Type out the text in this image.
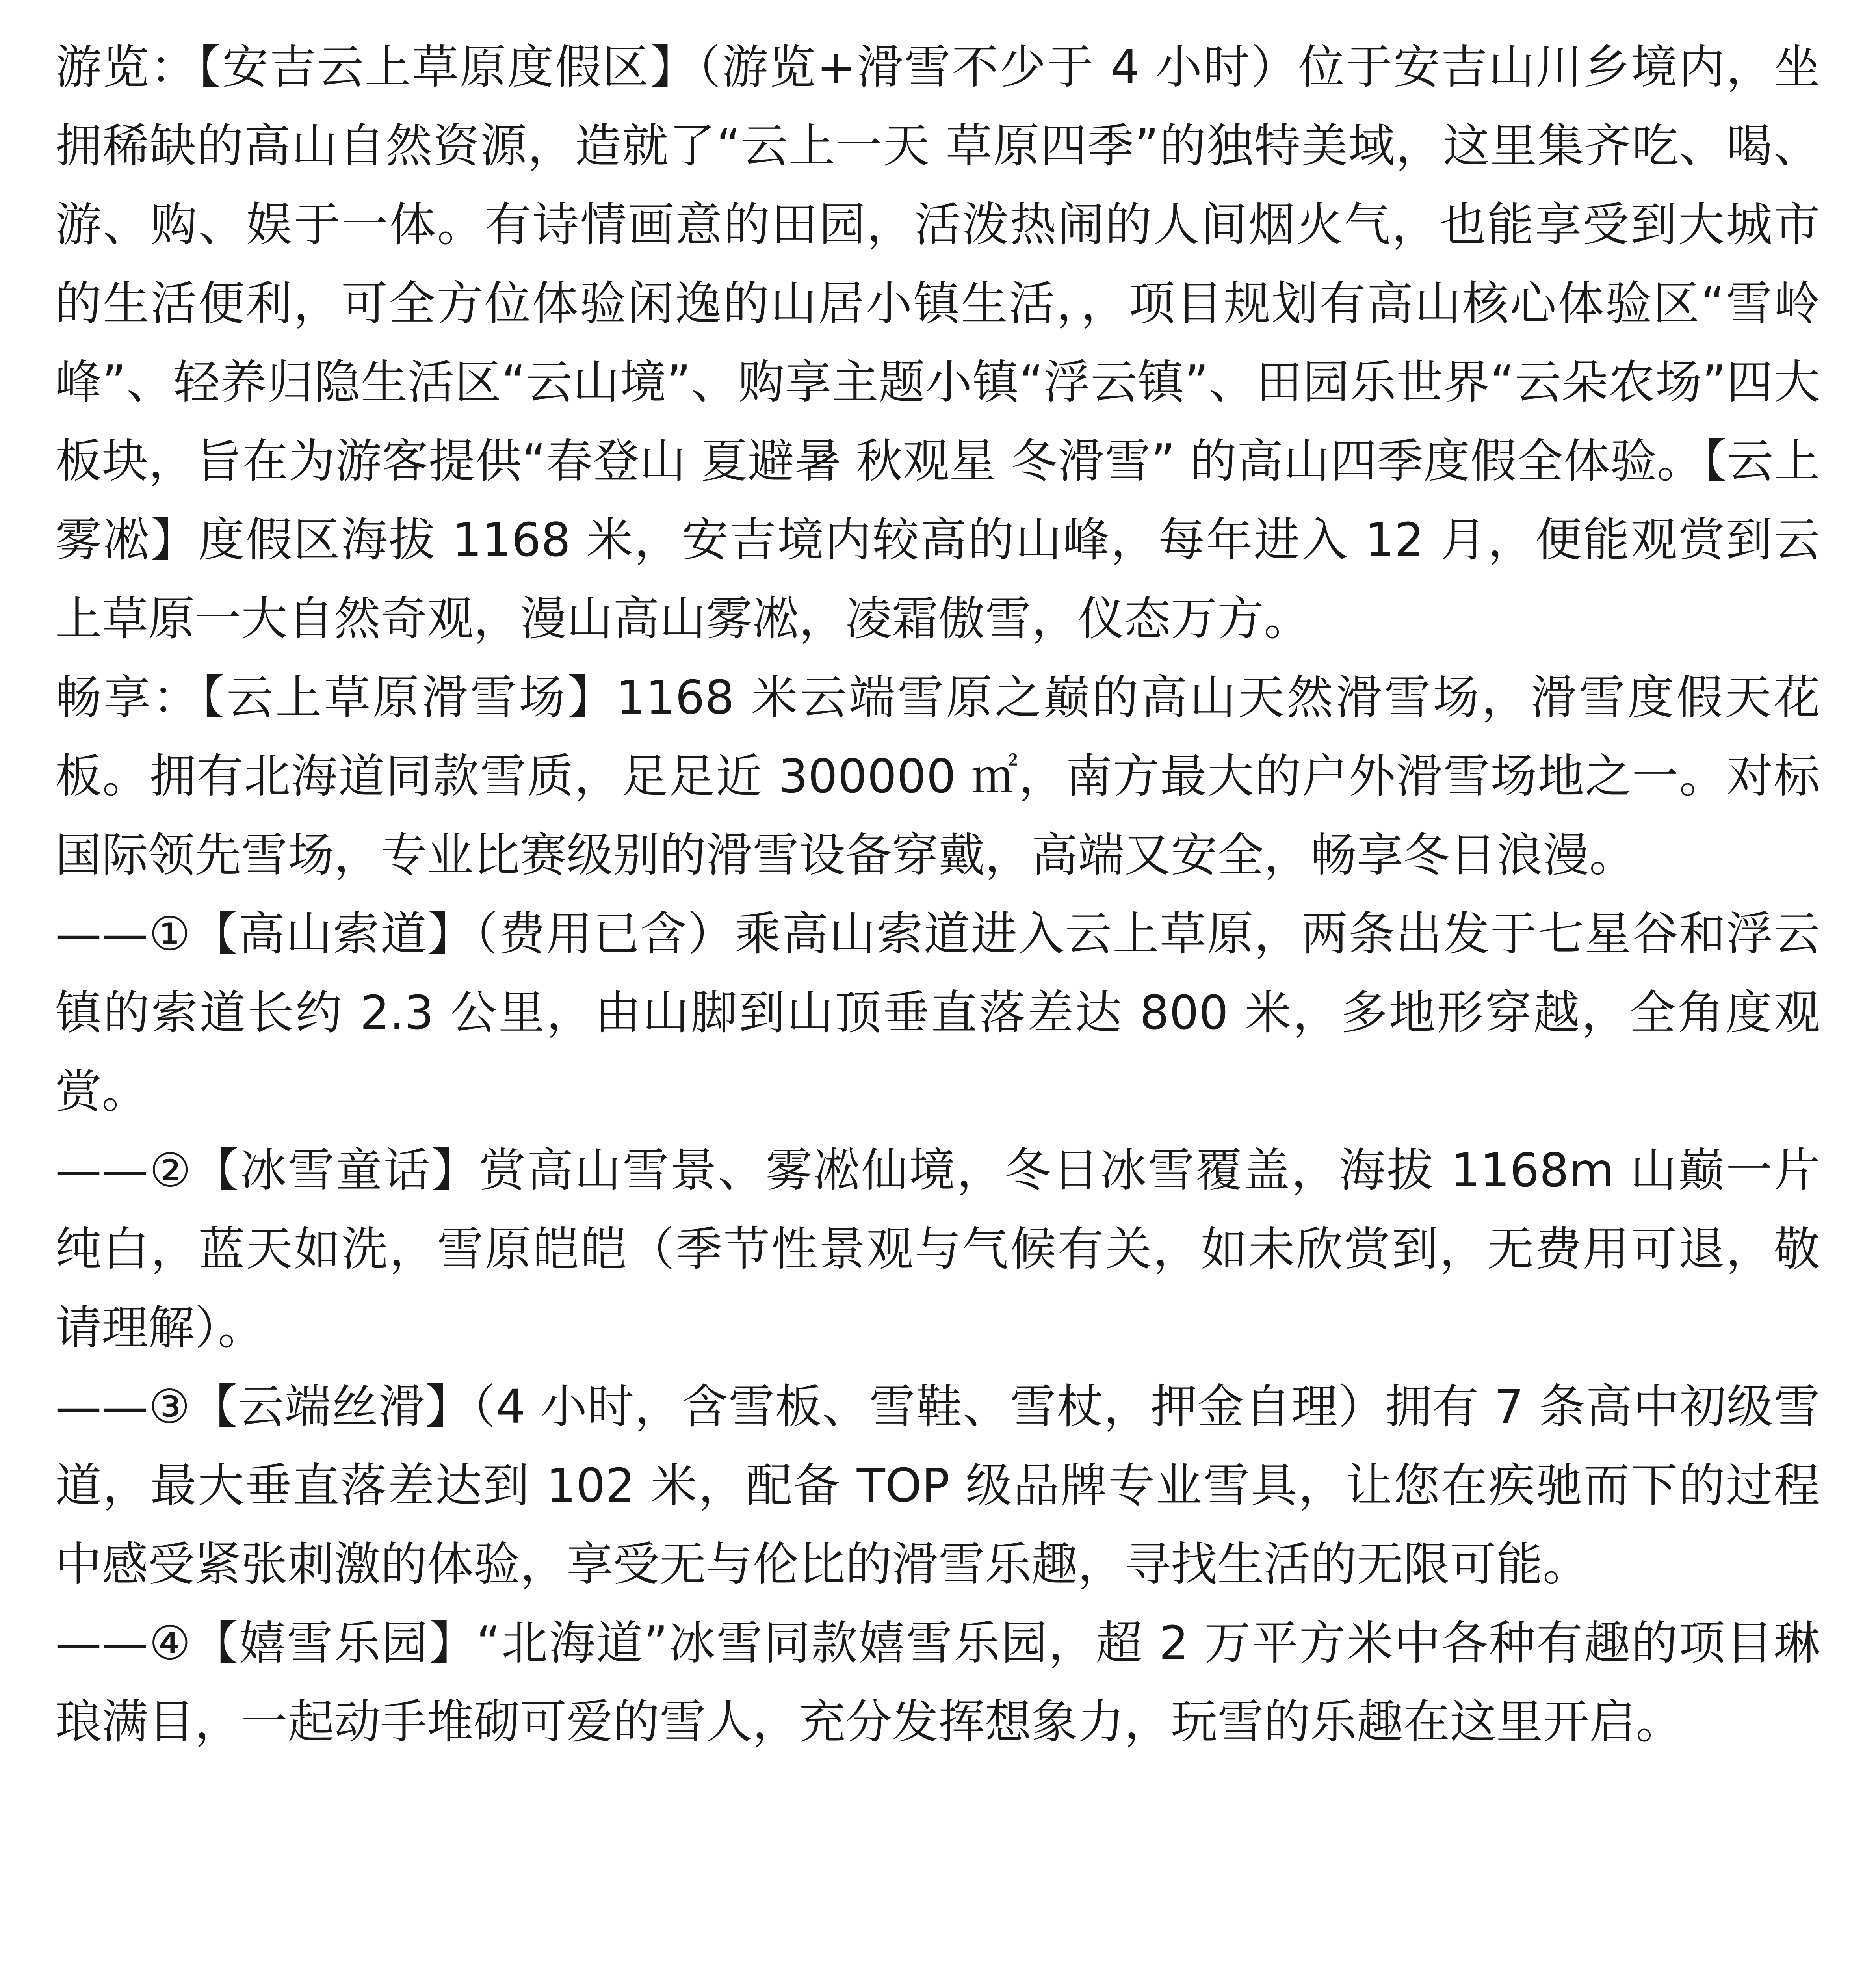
游览：【安吉云上草原度假区】（游览+滑雪不少于 4 小时）位于安吉山川乡境内，坐拥稀缺的高山自然资源，造就了“云上一天 草原四季”的独特美域，这里集齐吃、喝、游、购、娱于一体。有诗情画意的田园，活泼热闹的人间烟火气，也能享受到大城市的生活便利，可全方位体验闲逸的山居小镇生活，，项目规划有高山核心体验区“雪岭峰”、轻养归隐生活区“云山境”、购享主题小镇“浮云镇”、田园乐世界“云朵农场”四大板块，旨在为游客提供“春登山 夏避暑 秋观星 冬滑雪” 的高山四季度假全体验。【云上雾凇】度假区海拔 1168 米，安吉境内较高的山峰，每年进入 12 月，便能观赏到云上草原一大自然奇观，漫山高山雾凇，凌霜傲雪，仪态万方。

畅享：【云上草原滑雪场】1168 米云端雪原之巅的高山天然滑雪场，滑雪度假天花板。拥有北海道同款雪质，足足近 300000 ㎡，南方最大的户外滑雪场地之一。对标国际领先雪场，专业比赛级别的滑雪设备穿戴，高端又安全，畅享冬日浪漫。

——①【高山索道】（费用已含）乘高山索道进入云上草原，两条出发于七星谷和浮云镇的索道长约 2.3 公里，由山脚到山顶垂直落差达 800 米，多地形穿越，全角度观赏。

——②【冰雪童话】赏高山雪景、雾凇仙境，冬日冰雪覆盖，海拔 1168m 山巅一片纯白，蓝天如洗，雪原皑皑（季节性景观与气候有关，如未欣赏到，无费用可退，敬请理解）。

——③【云端丝滑】（4 小时，含雪板、雪鞋、雪杖，押金自理）拥有 7 条高中初级雪道，最大垂直落差达到 102 米，配备 TOP 级品牌专业雪具，让您在疾驰而下的过程中感受紧张刺激的体验，享受无与伦比的滑雪乐趣，寻找生活的无限可能。

——④【嬉雪乐园】“北海道”冰雪同款嬉雪乐园，超 2 万平方米中各种有趣的项目琳琅满目，一起动手堆砌可爱的雪人，充分发挥想象力，玩雪的乐趣在这里开启。
